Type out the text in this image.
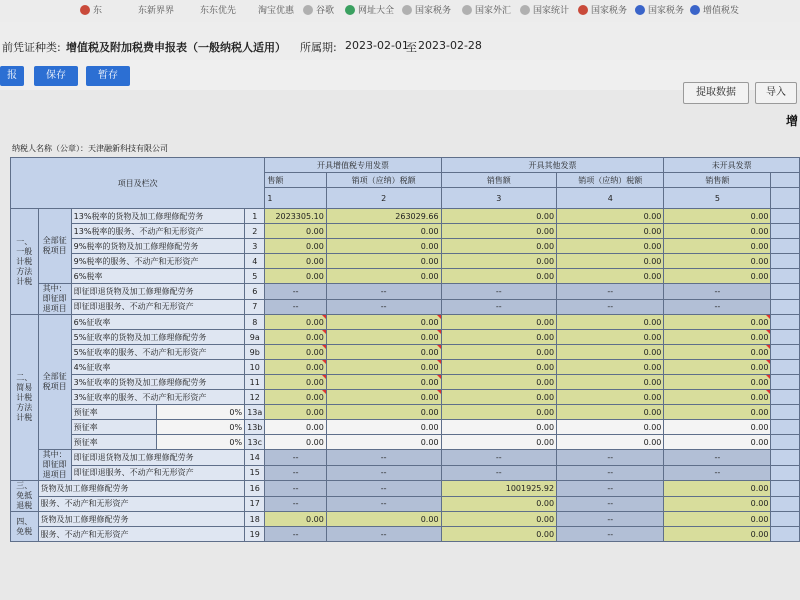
东	东新界界	东东优先 淘宝优惠 谷歌	网址大全 国家税务	国家外汇 国家统计 国家税务 国家税务 增值税发
前凭证种类: 增值税及附加税费申报表（一般纳税人适用） 所属期: 2023-02-01
至 2023-02-28
报	保存	暂存
提取数据	导入
增
纳税人名称（公章）：天津融新科技有限公司
项目及栏次					开具增值税专用发票		开具其他发票		未开具发票	
					售额	销项（应纳）税额	销售额	销项（应纳）税额	销售额	
					1	2	3	4	5	
一、一般计税方法计税	全部征税项目	13%税率的货物及加工修理修配劳务		1	2023305.10	263029.66	0.00	0.00	0.00	
		13%税率的服务、不动产和无形资产		2	0.00	0.00	0.00	0.00	0.00	
		9%税率的货物及加工修理修配劳务		3	0.00	0.00	0.00	0.00	0.00	
		9%税率的服务、不动产和无形资产		4	0.00	0.00	0.00	0.00	0.00	
		6%税率		5	0.00	0.00	0.00	0.00	0.00	
	其中：即征即退项目	即征即退货物及加工修理修配劳务		6	--	--	--	--	--	
		即征即退服务、不动产和无形资产		7	--	--	--	--	--	
二、简易计税方法计税	全部征税项目	6%征收率		8	0.00	0.00	0.00	0.00	0.00	
		5%征收率的货物及加工修理修配劳务		9a	0.00	0.00	0.00	0.00	0.00	
		5%征收率的服务、不动产和无形资产		9b	0.00	0.00	0.00	0.00	0.00	
		4%征收率		10	0.00	0.00	0.00	0.00	0.00	
		3%征收率的货物及加工修理修配劳务		11	0.00	0.00	0.00	0.00	0.00	
		3%征收率的服务、不动产和无形资产		12	0.00	0.00	0.00	0.00	0.00	
		预征率	0%	13a	0.00	0.00	0.00	0.00	0.00	
		预征率	0%	13b	0.00	0.00	0.00	0.00	0.00	
		预征率	0%	13c	0.00	0.00	0.00	0.00	0.00	
	其中：即征即退项目	即征即退货物及加工修理修配劳务		14	--	--	--	--	--	
		即征即退服务、不动产和无形资产		15	--	--	--	--	--	
三、免抵退税	货物及加工修理修配劳务			16	--	--	1001925.92	--	0.00	
	服务、不动产和无形资产			17	--	--	0.00	--	0.00	
四、免税	货物及加工修理修配劳务			18	0.00	0.00	0.00	--	0.00	
	服务、不动产和无形资产			19	--	--	0.00	--	0.00	
